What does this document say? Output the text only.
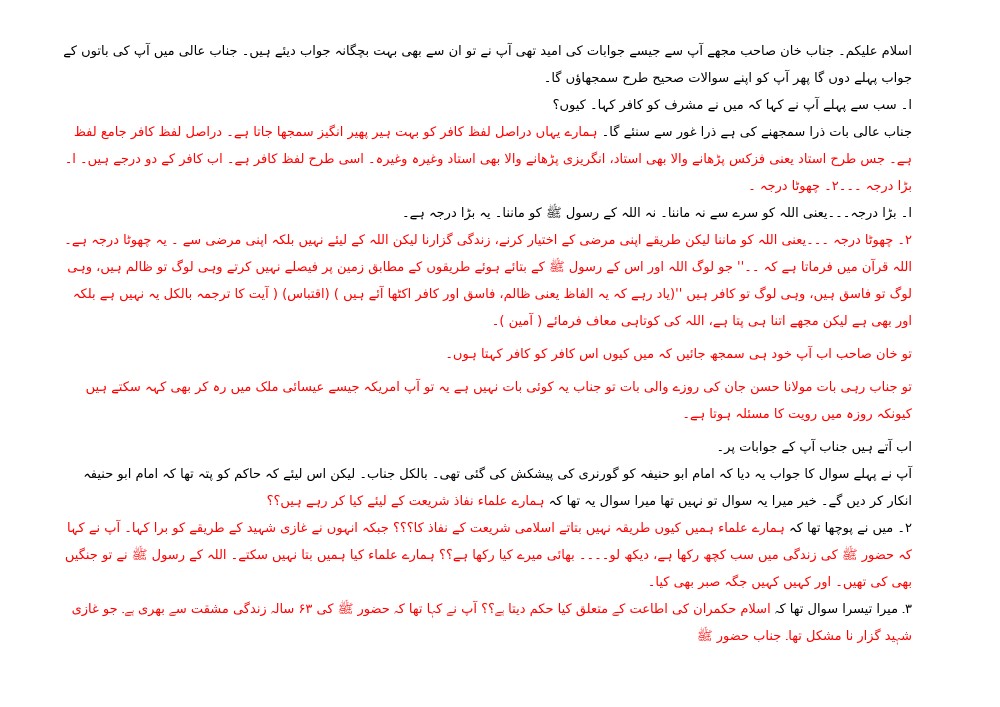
اسلام علیکم۔ جناب خان صاحب مجھے آپ سے جیسے جوابات کی امید تھی آپ نے تو ان سے بھی بہت بچگانہ جواب دیئے ہیں۔ جناب عالی میں آپ کی باتوں کے جواب پہلے دوں گا پھر آپ کو اپنے سوالات صحیح طرح سمجھاؤں گا۔

ا۔ سب سے پہلے آپ نے کہا کہ میں نے مشرف کو کافر کہا۔ کیوں؟

جناب عالی بات ذرا سمجھنے کی ہے ذرا غور سے سنئے گا۔ ہمارے یہاں دراصل لفظ کافر کو بہت ہیر پھیر انگیز سمجھا جاتا ہے۔ دراصل لفظ کافر جامع لفظ ہے۔ جس طرح استاد یعنی فزکس پڑھانے والا بھی استاد، انگریزی پڑھانے والا بھی استاد وغیرہ وغیرہ۔ اسی طرح لفظ کافر ہے۔ اب کافر کے دو درجے ہیں۔ ا۔ بڑا درجہ ۔۔۔۲۔ چھوٹا درجہ ۔

ا۔ بڑا درجہ۔۔۔یعنی اللہ کو سرے سے نہ ماننا۔ نہ اللہ کے رسول ﷺ کو ماننا۔ یہ بڑا درجہ ہے۔

۲۔ چھوٹا درجہ ۔۔۔یعنی اللہ کو ماننا لیکن طریقے اپنی مرضی کے اختیار کرنے، زندگی گزارنا لیکن اللہ کے لیئے نہیں بلکہ اپنی مرضی سے ۔ یہ چھوٹا درجہ ہے۔

اللہ قرآن میں فرماتا ہے کہ ۔۔'' جو لوگ اللہ اور اس کے رسول ﷺ کے بتائے ہوئے طریقوں کے مطابق زمین پر فیصلے نہیں کرتے وہی لوگ تو ظالم ہیں، وہی لوگ تو فاسق ہیں، وہی لوگ تو کافر ہیں ''(یاد رہے کہ یہ الفاظ یعنی ظالم، فاسق اور کافر اکٹھا آئے ہیں ) (اقتباس) ( آیت کا ترجمہ بالکل یہ نہیں ہے بلکہ اور بھی ہے لیکن مجھے اتنا ہی پتا ہے، اللہ کی کوتاہی معاف فرمائے ( آمین )۔

تو خان صاحب اب آپ خود ہی سمجھ جائیں کہ میں کیوں اس کافر کو کافر کہتا ہوں۔

تو جناب رہی بات مولانا حسن جان کی روزے والی بات تو جناب یہ کوئی بات نہیں ہے یہ تو آپ امریکہ جیسے عیسائی ملک میں رہ کر بھی کہہ سکتے ہیں کیونکہ روزہ میں رویت کا مسئلہ ہوتا ہے۔

اب آتے ہیں جناب آپ کے جوابات پر۔

آپ نے پہلے سوال کا جواب یہ دیا کہ امام ابو حنیفہ کو گورنری کی پیشکش کی گئی تھی۔ بالکل جناب۔ لیکن اس لیئے کہ حاکم کو پتہ تھا کہ امام ابو حنیفہ انکار کر دیں گے۔ خیر میرا یہ سوال تو نہیں تھا میرا سوال یہ تھا کہ ہمارے علماء نفاذ شریعت کے لیئے کیا کر رہے ہیں؟؟

۲۔ میں نے پوچھا تھا کہ ہمارے علماء ہمیں کیوں طریقہ نہیں بتاتے اسلامی شریعت کے نفاذ کا؟؟؟ جبکہ انہوں نے غازی شہید کے طریقے کو برا کہا۔ آپ نے کہا کہ حضور ﷺ کی زندگی میں سب کچھ رکھا ہے، دیکھ لو۔۔۔۔ بھائی میرے کیا رکھا ہے؟؟ ہمارے علماء کیا ہمیں بتا نہیں سکتے۔ اللہ کے رسول ﷺ نے تو جنگیں بھی کی تھیں۔ اور کہیں کہیں جگہ صبر بھی کیا۔

۳۔ میرا تیسرا سوال تھا کہ اسلام حکمران کی اطاعت کے متعلق کیا حکم دیتا ہے؟؟ آپ نے کہا تھا کہ حضور ﷺ کی ۶۳ سالہ زندگی مشقت سے بھری ہے۔ جو غازی شہید گزار نا مشکل تھا۔ جناب حضور ﷺ
